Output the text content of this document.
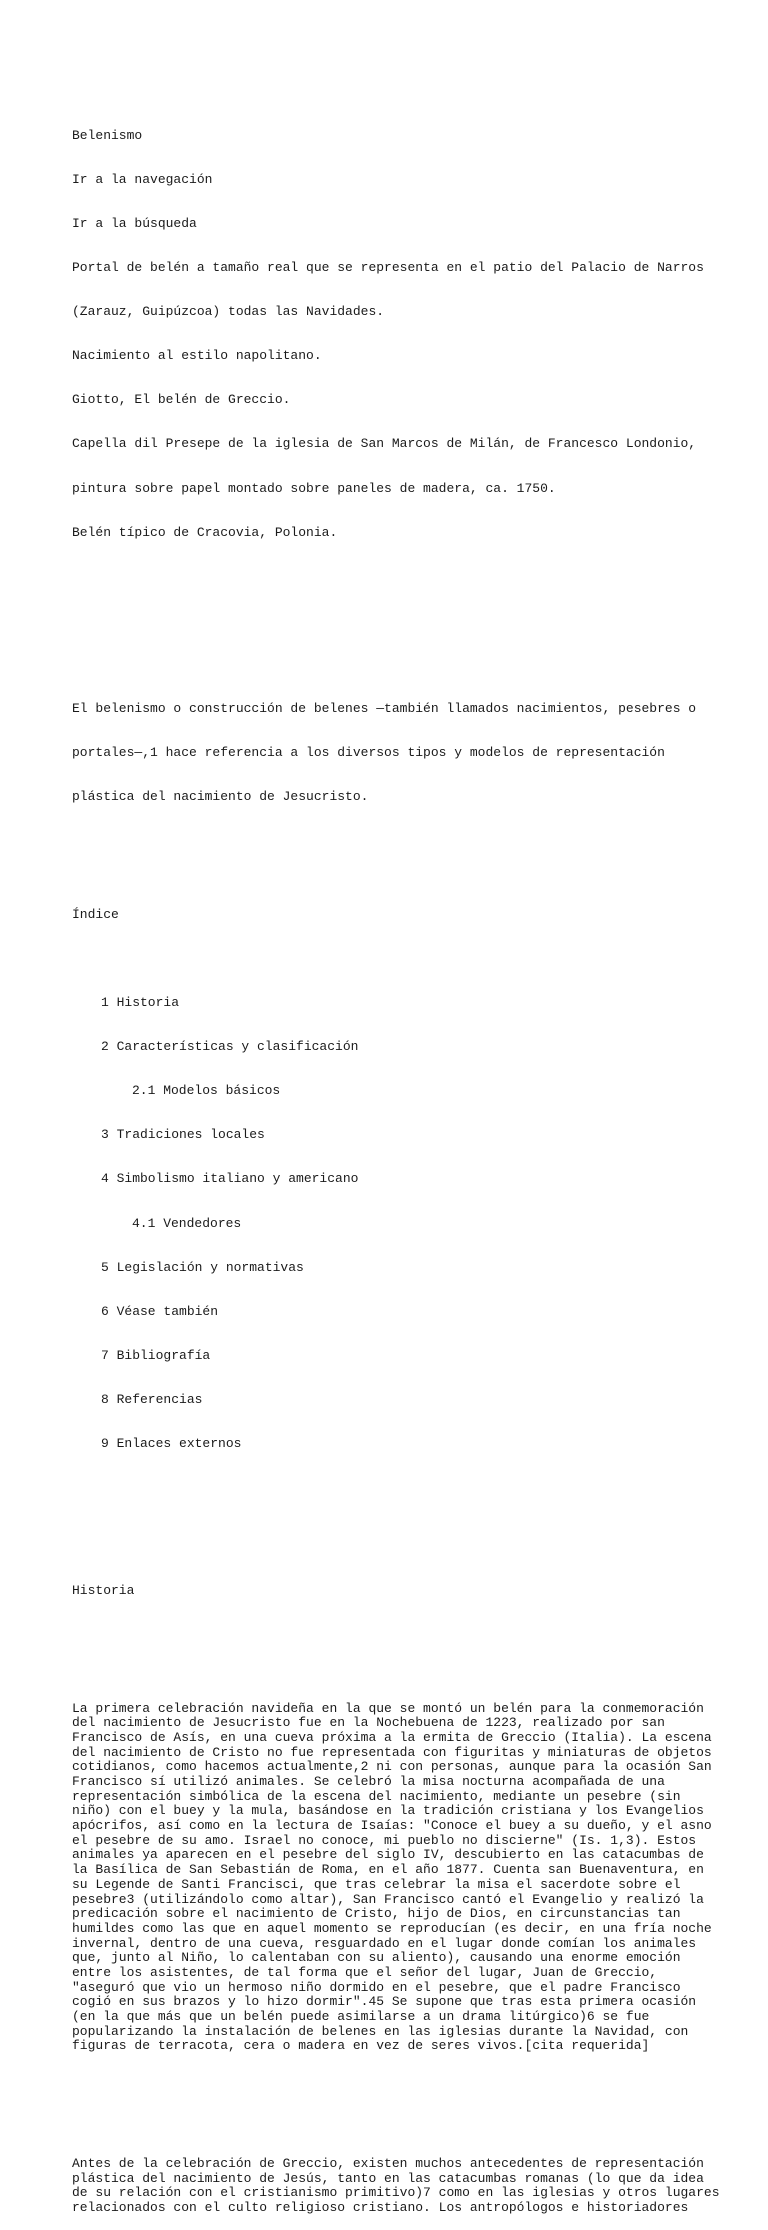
Belenismo

Ir a la navegación

Ir a la búsqueda

Portal de belén a tamaño real que se representa en el patio del Palacio de Narros

(Zarauz, Guipúzcoa) todas las Navidades.

Nacimiento al estilo napolitano.

Giotto, El belén de Greccio.

Capella dil Presepe de la iglesia de San Marcos de Milán, de Francesco Londonio,

pintura sobre papel montado sobre paneles de madera, ca. 1750.

Belén típico de Cracovia, Polonia.

El belenismo o construcción de belenes —también llamados nacimientos, pesebres o

portales—,1 hace referencia a los diversos tipos y modelos de representación

plástica del nacimiento de Jesucristo.

Índice

1 Historia

2 Características y clasificación

2.1 Modelos básicos

3 Tradiciones locales

4 Simbolismo italiano y americano

4.1 Vendedores

5 Legislación y normativas

6 Véase también

7 Bibliografía

8 Referencias

9 Enlaces externos

Historia

La primera celebración navideña en la que se montó un belén para la conmemoración
del nacimiento de Jesucristo fue en la Nochebuena de 1223, realizado por san
Francisco de Asís, en una cueva próxima a la ermita de Greccio (Italia). La escena
del nacimiento de Cristo no fue representada con figuritas y miniaturas de objetos
cotidianos, como hacemos actualmente,2 ni con personas, aunque para la ocasión San
Francisco sí utilizó animales. Se celebró la misa nocturna acompañada de una
representación simbólica de la escena del nacimiento, mediante un pesebre (sin
niño) con el buey y la mula, basándose en la tradición cristiana y los Evangelios
apócrifos, así como en la lectura de Isaías: "Conoce el buey a su dueño, y el asno
el pesebre de su amo. Israel no conoce, mi pueblo no discierne" (Is. 1,3). Estos
animales ya aparecen en el pesebre del siglo IV, descubierto en las catacumbas de
la Basílica de San Sebastián de Roma, en el año 1877. Cuenta san Buenaventura, en
su Legende de Santi Francisci, que tras celebrar la misa el sacerdote sobre el
pesebre3 (utilizándolo como altar), San Francisco cantó el Evangelio y realizó la
predicación sobre el nacimiento de Cristo, hijo de Dios, en circunstancias tan
humildes como las que en aquel momento se reproducían (es decir, en una fría noche
invernal, dentro de una cueva, resguardado en el lugar donde comían los animales
que, junto al Niño, lo calentaban con su aliento), causando una enorme emoción
entre los asistentes, de tal forma que el señor del lugar, Juan de Greccio,
"aseguró que vio un hermoso niño dormido en el pesebre, que el padre Francisco
cogió en sus brazos y lo hizo dormir".45 Se supone que tras esta primera ocasión
(en la que más que un belén puede asimilarse a un drama litúrgico)6 se fue
popularizando la instalación de belenes en las iglesias durante la Navidad, con
figuras de terracota, cera o madera en vez de seres vivos.[cita requerida]

Antes de la celebración de Greccio, existen muchos antecedentes de representación
plástica del nacimiento de Jesús, tanto en las catacumbas romanas (lo que da idea
de su relación con el cristianismo primitivo)7 como en las iglesias y otros lugares
relacionados con el culto religioso cristiano. Los antropólogos e historiadores
